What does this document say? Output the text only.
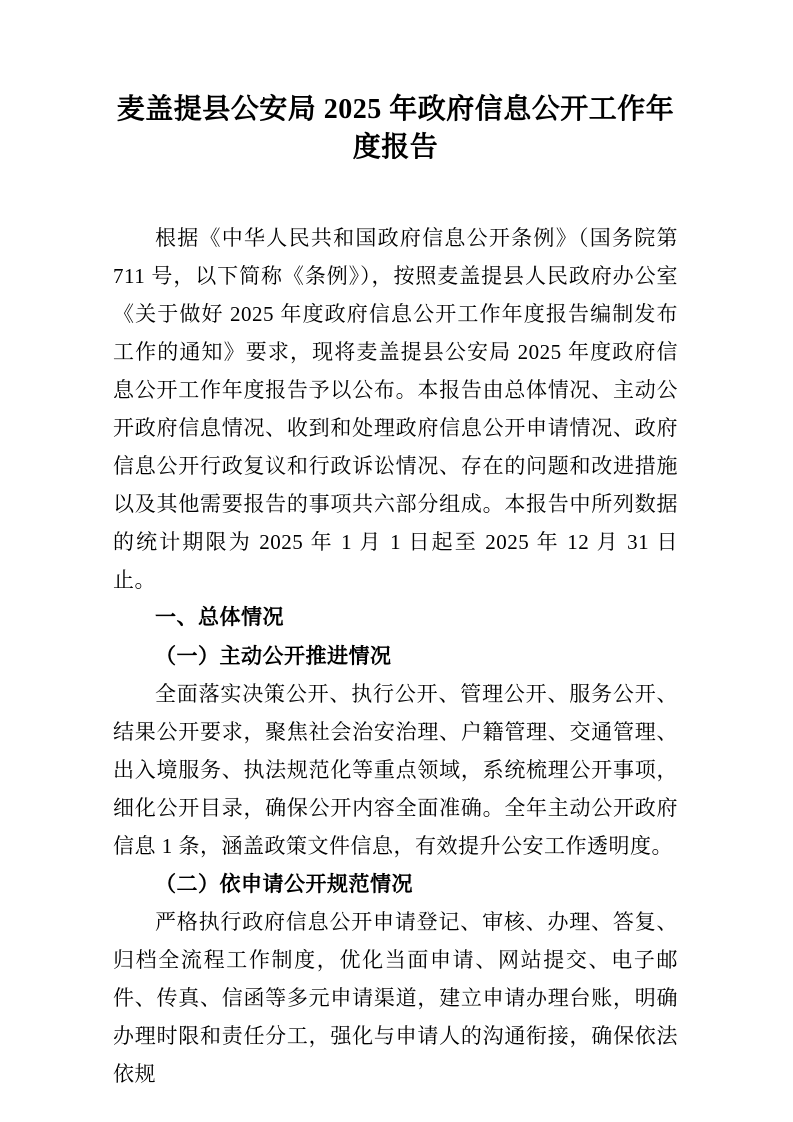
麦盖提县公安局 2025 年政府信息公开工作年度报告

根据《中华人民共和国政府信息公开条例》（国务院第 711 号，以下简称《条例》），按照麦盖提县人民政府办公室《关于做好 2025 年度政府信息公开工作年度报告编制发布工作的通知》要求，现将麦盖提县公安局 2025 年度政府信息公开工作年度报告予以公布。本报告由总体情况、主动公开政府信息情况、收到和处理政府信息公开申请情况、政府信息公开行政复议和行政诉讼情况、存在的问题和改进措施以及其他需要报告的事项共六部分组成。本报告中所列数据的统计期限为 2025 年 1 月 1 日起至 2025 年 12 月 31 日止。

一、总体情况
（一）主动公开推进情况

全面落实决策公开、执行公开、管理公开、服务公开、结果公开要求，聚焦社会治安治理、户籍管理、交通管理、出入境服务、执法规范化等重点领域，系统梳理公开事项，细化公开目录，确保公开内容全面准确。全年主动公开政府信息 1 条，涵盖政策文件信息，有效提升公安工作透明度。

（二）依申请公开规范情况

严格执行政府信息公开申请登记、审核、办理、答复、归档全流程工作制度，优化当面申请、网站提交、电子邮件、传真、信函等多元申请渠道，建立申请办理台账，明确办理时限和责任分工，强化与申请人的沟通衔接，确保依法依规
